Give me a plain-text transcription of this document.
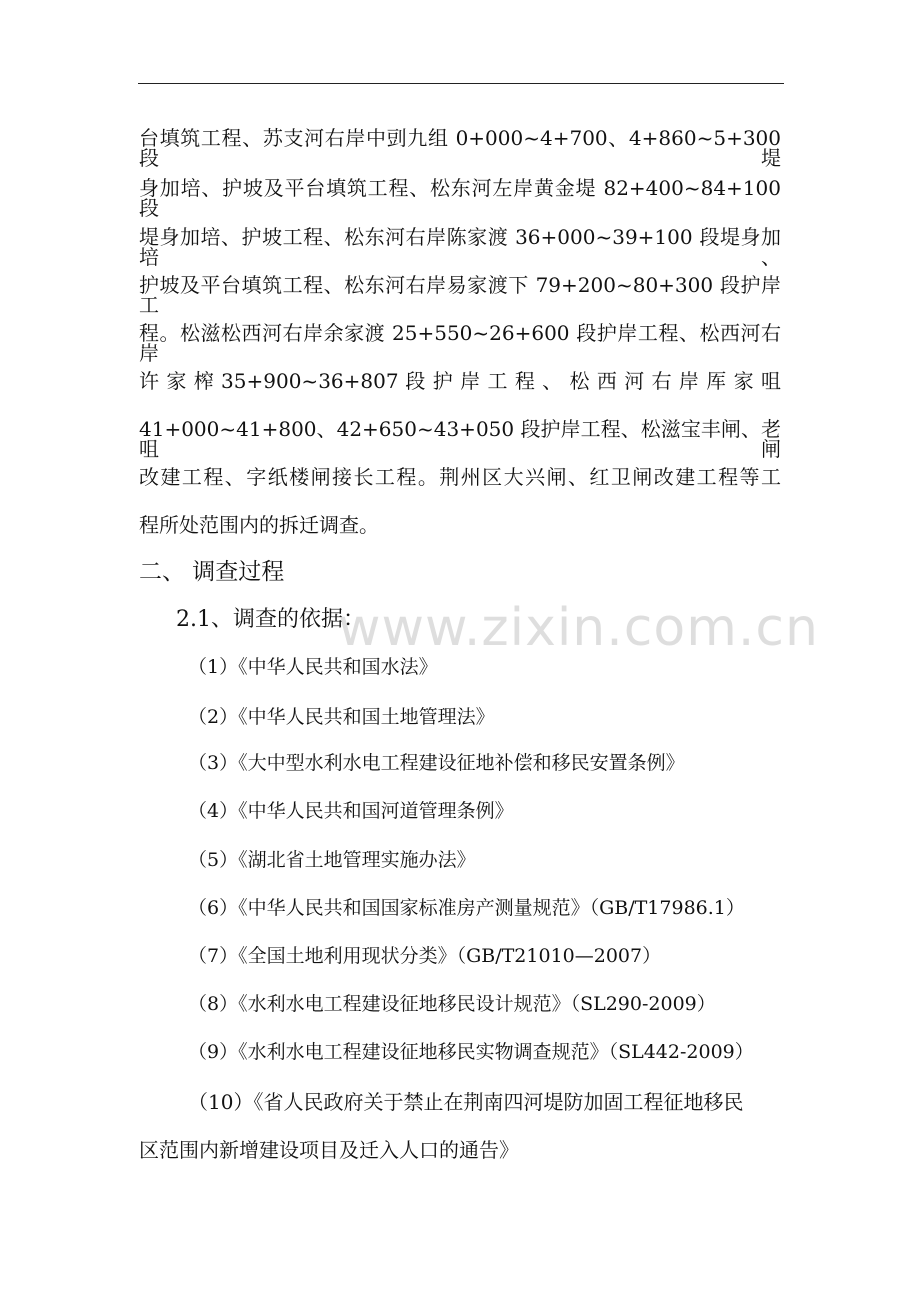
台填筑工程、苏支河右岸中剅九组 0+000~4+700、4+860~5+300 段堤

身加培、护坡及平台填筑工程、松东河左岸黄金堤 82+400~84+100 段

堤身加培、护坡工程、松东河右岸陈家渡 36+000~39+100 段堤身加培、

护坡及平台填筑工程、松东河右岸易家渡下 79+200~80+300 段护岸工

程。松滋松西河右岸余家渡 25+550~26+600 段护岸工程、松西河右岸

许 家 榨 35+900~36+807 段 护 岸 工 程 、 松 西 河 右 岸 厍 家 咀

41+000~41+800、42+650~43+050 段护岸工程、松滋宝丰闸、老咀闸

改建工程、字纸楼闸接长工程。荆州区大兴闸、红卫闸改建工程等工

程所处范围内的拆迁调查。

二、 调查过程
2.1、调查的依据：

（1）《中华人民共和国水法》

（2）《中华人民共和国土地管理法》

（3）《大中型水利水电工程建设征地补偿和移民安置条例》

（4）《中华人民共和国河道管理条例》

（5）《湖北省土地管理实施办法》

（6）《中华人民共和国国家标准房产测量规范》（GB/T17986.1）

（7）《全国土地利用现状分类》（GB/T21010—2007）

（8）《水利水电工程建设征地移民设计规范》（SL290-2009）

（9）《水利水电工程建设征地移民实物调查规范》（SL442-2009）

（10）《省人民政府关于禁止在荆南四河堤防加固工程征地移民

区范围内新增建设项目及迁入人口的通告》

www.zixin.com.cn
